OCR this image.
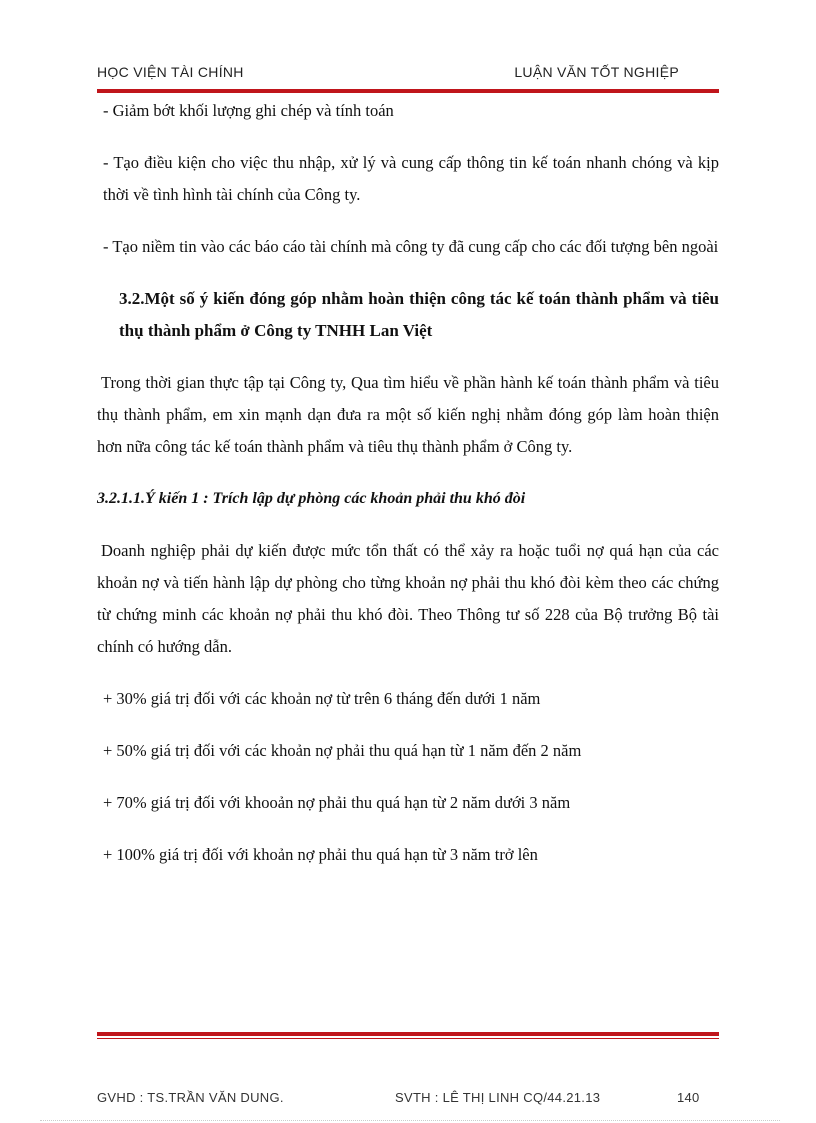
HỌC VIỆN TÀI CHÍNH	LUẬN VĂN TỐT NGHIỆP

- Giảm bớt khối lượng ghi chép và tính toán

- Tạo điều kiện cho việc thu nhập, xử lý và cung cấp thông tin kế toán nhanh chóng và kịp thời về tình hình tài chính của Công ty.

- Tạo niềm tin vào các báo cáo tài chính mà công ty đã cung cấp cho các đối tượng bên ngoài

3.2.Một số ý kiến đóng góp nhằm hoàn thiện công tác kế toán thành phẩm và tiêu thụ thành phẩm ở Công ty TNHH Lan Việt

Trong thời gian thực tập tại Công ty, Qua tìm hiểu về phần hành kế toán thành phẩm và tiêu thụ thành phẩm, em xin mạnh dạn đưa ra một số kiến nghị nhằm đóng góp làm hoàn thiện hơn nữa công tác kế toán thành phẩm và tiêu thụ thành phẩm ở Công ty.

3.2.1.1.Ý kiến 1 : Trích lập dự phòng các khoản phải thu khó đòi

Doanh nghiệp phải dự kiến được mức tổn thất có thể xảy ra hoặc tuổi nợ quá hạn của các khoản nợ và tiến hành lập dự phòng cho từng khoản nợ phải thu khó đòi kèm theo các chứng từ chứng minh các khoản nợ phải thu khó đòi. Theo Thông tư số 228 của Bộ trưởng Bộ tài chính có hướng dẫn.

+ 30% giá trị đối với các khoản nợ từ trên 6 tháng đến dưới 1 năm

+ 50% giá trị đối với các khoản nợ phải thu quá hạn từ 1 năm đến 2 năm

+ 70% giá trị đối với khooản nợ phải thu quá hạn từ 2 năm dưới 3 năm

+ 100% giá trị đối với khoản nợ phải thu quá hạn từ 3 năm trở lên

GVHD : TS.TRẦN VĂN DUNG.	SVTH : LÊ THỊ LINH CQ/44.21.13	140
